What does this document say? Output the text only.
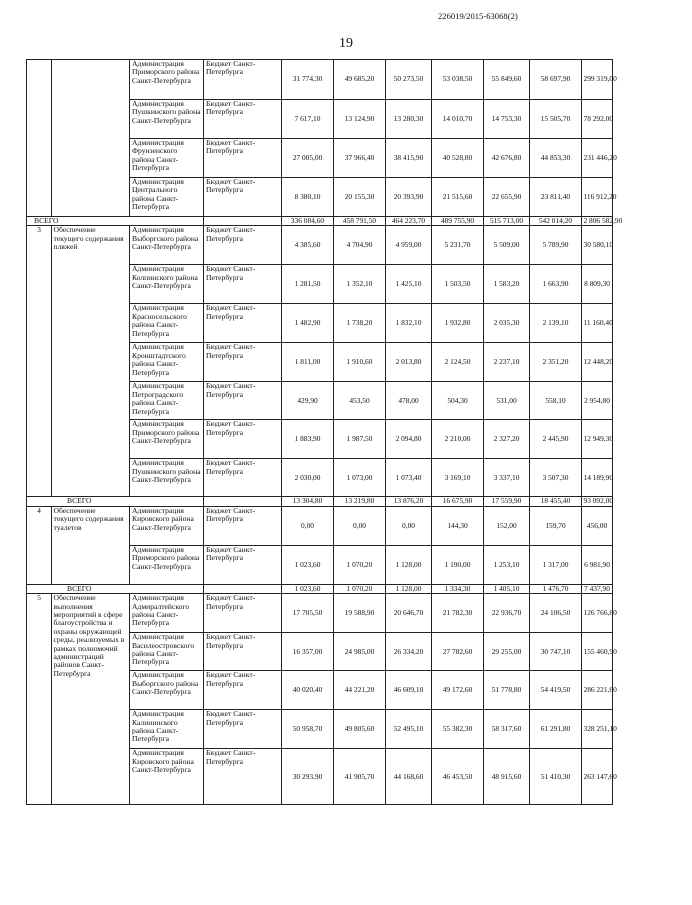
226019/2015-63068(2)
19
		Администрация Приморского района Санкт-Петербурга	Бюджет Санкт-Петербурга	31 774,30	49 685,20	50 273,50	53 038,50	55 849,60	58 697,90	299 319,00
		Администрация Пушкинского района Санкт-Петербурга	Бюджет Санкт-Петербурга	7 617,10	13 124,90	13 280,30	14 010,70	14 753,30	15 505,70	78 292,00
		Администрация Фрунзенского района Санкт-Петербурга	Бюджет Санкт-Петербурга	27 005,00	37 966,40	38 415,90	40 528,80	42 676,80	44 853,30	231 446,20
		Администрация Центрального района Санкт-Петербурга	Бюджет Санкт-Петербурга	8 380,10	20 155,30	20 393,90	21 515,60	22 655,90	23 811,40	116 912,20
ВСЕГО				336 084,60	458 791,50	464 223,70	489 755,90	515 713,00	542 014,20	2 806 582,90
3	Обеспечение текущего содержания пляжей	Администрация Выборгского района Санкт-Петербурга	Бюджет Санкт-Петербурга	4 385,60	4 704,90	4 959,00	5 231,70	5 509,00	5 789,90	30 580,10
		Администрация Колпинского района Санкт-Петербурга	Бюджет Санкт-Петербурга	1 281,50	1 352,10	1 425,10	1 503,50	1 583,20	1 663,90	8 809,30
		Администрация Красносельского района Санкт-Петербурга	Бюджет Санкт-Петербурга	1 482,90	1 738,20	1 832,10	1 932,80	2 035,30	2 139,10	11 160,40
		Администрация Кронштадтского района Санкт-Петербурга	Бюджет Санкт-Петербурга	1 811,00	1 910,60	2 013,80	2 124,50	2 237,10	2 351,20	12 448,20
		Администрация Петроградского района Санкт-Петербурга	Бюджет Санкт-Петербурга	429,90	453,50	478,00	504,30	531,00	558,10	2 954,80
		Администрация Приморского района Санкт-Петербурга	Бюджет Санкт-Петербурга	1 883,90	1 987,50	2 094,80	2 210,00	2 327,20	2 445,90	12 949,30
		Администрация Пушкинского района Санкт-Петербурга	Бюджет Санкт-Петербурга	2 030,00	1 073,00	1 073,40	3 169,10	3 337,10	3 507,30	14 189,90
ВСЕГО				13 304,80	13 219,80	13 876,20	16 675,90	17 559,90	18 455,40	93 092,00
4	Обеспечение текущего содержания туалетов	Администрация Кировского района Санкт-Петербурга	Бюджет Санкт-Петербурга	0,00	0,00	0,00	144,30	152,00	159,70	456,00
		Администрация Приморского района Санкт-Петербурга	Бюджет Санкт-Петербурга	1 023,60	1 070,20	1 128,00	1 190,00	1 253,10	1 317,00	6 981,90
ВСЕГО				1 023,60	1 070,20	1 128,00	1 334,30	1 405,10	1 476,70	7 437,90
5	Обеспечение выполнения мероприятий в сфере благоустройства и охраны окружающей среды, реализуемых в рамках полномочий администраций районов Санкт-Петербурга	Администрация Адмиралтейского района Санкт-Петербурга	Бюджет Санкт-Петербурга	17 705,50	19 588,90	20 646,70	21 782,30	22 936,70	24 106,50	126 766,60
		Администрация Василеостровского района Санкт-Петербурга	Бюджет Санкт-Петербурга	16 357,00	24 985,00	26 334,20	27 782,60	29 255,00	30 747,10	155 460,90
		Администрация Выборгского района Санкт-Петербурга	Бюджет Санкт-Петербурга	40 020,40	44 221,20	46 609,10	49 172,60	51 778,80	54 419,50	286 221,60
		Администрация Калининского района Санкт-Петербурга	Бюджет Санкт-Петербурга	50 958,70	49 805,60	52 495,10	55 382,30	58 317,60	61 291,80	328 251,10
		Администрация Кировского района Санкт-Петербурга	Бюджет Санкт-Петербурга	30 293,90	41 905,70	44 168,60	46 453,50	48 915,60	51 410,30	263 147,60
